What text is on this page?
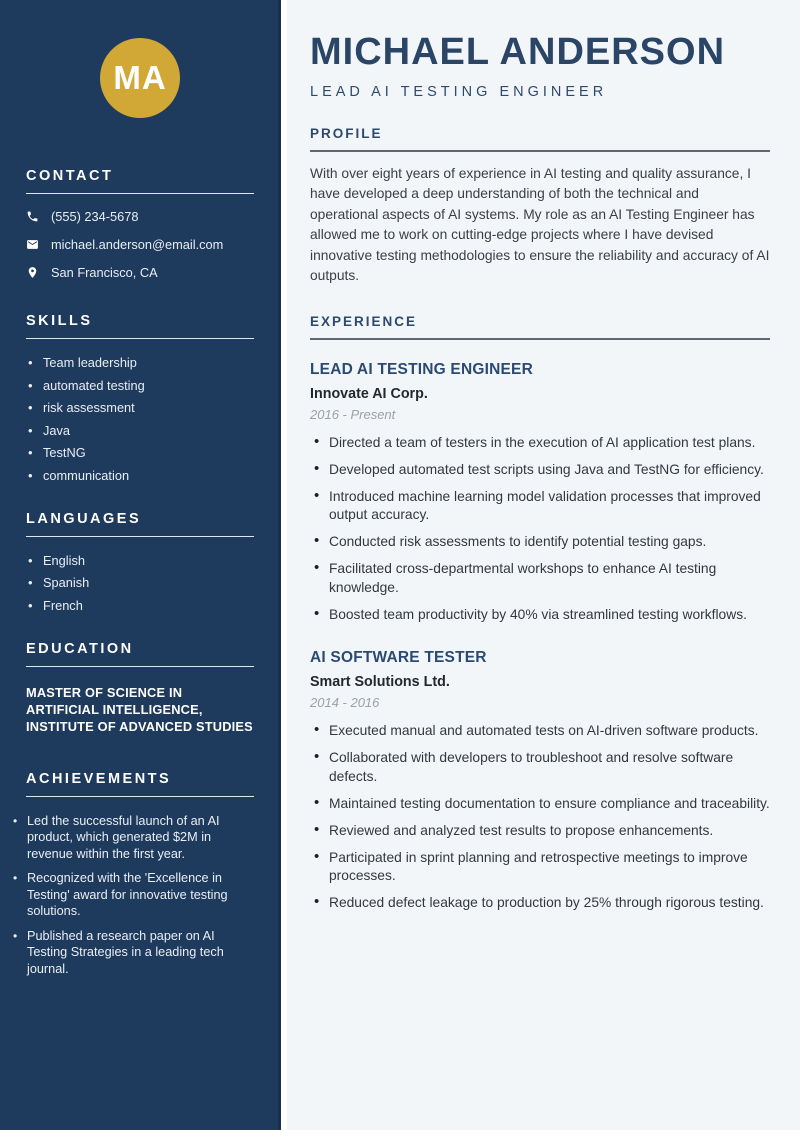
MA
CONTACT
(555) 234-5678
michael.anderson@email.com
San Francisco, CA
SKILLS
• Team leadership
• automated testing
• risk assessment
• Java
• TestNG
• communication
LANGUAGES
• English
• Spanish
• French
EDUCATION

MASTER OF SCIENCE IN ARTIFICIAL INTELLIGENCE, INSTITUTE OF ADVANCED STUDIES

ACHIEVEMENTS
• Led the successful launch of an AI product, which generated $2M in revenue within the first year.
• Recognized with the 'Excellence in Testing' award for innovative testing solutions.
• Published a research paper on AI Testing Strategies in a leading tech journal.
MICHAEL ANDERSON
LEAD AI TESTING ENGINEER
PROFILE

With over eight years of experience in AI testing and quality assurance, I have developed a deep understanding of both the technical and operational aspects of AI systems. My role as an AI Testing Engineer has allowed me to work on cutting-edge projects where I have devised innovative testing methodologies to ensure the reliability and accuracy of AI outputs.

EXPERIENCE
LEAD AI TESTING ENGINEER
Innovate AI Corp.
2016 - Present
• Directed a team of testers in the execution of AI application test plans.
• Developed automated test scripts using Java and TestNG for efficiency.
• Introduced machine learning model validation processes that improved output accuracy.
• Conducted risk assessments to identify potential testing gaps.
• Facilitated cross-departmental workshops to enhance AI testing knowledge.
• Boosted team productivity by 40% via streamlined testing workflows.
AI SOFTWARE TESTER
Smart Solutions Ltd.
2014 - 2016
• Executed manual and automated tests on AI-driven software products.
• Collaborated with developers to troubleshoot and resolve software defects.
• Maintained testing documentation to ensure compliance and traceability.
• Reviewed and analyzed test results to propose enhancements.
• Participated in sprint planning and retrospective meetings to improve processes.
• Reduced defect leakage to production by 25% through rigorous testing.
